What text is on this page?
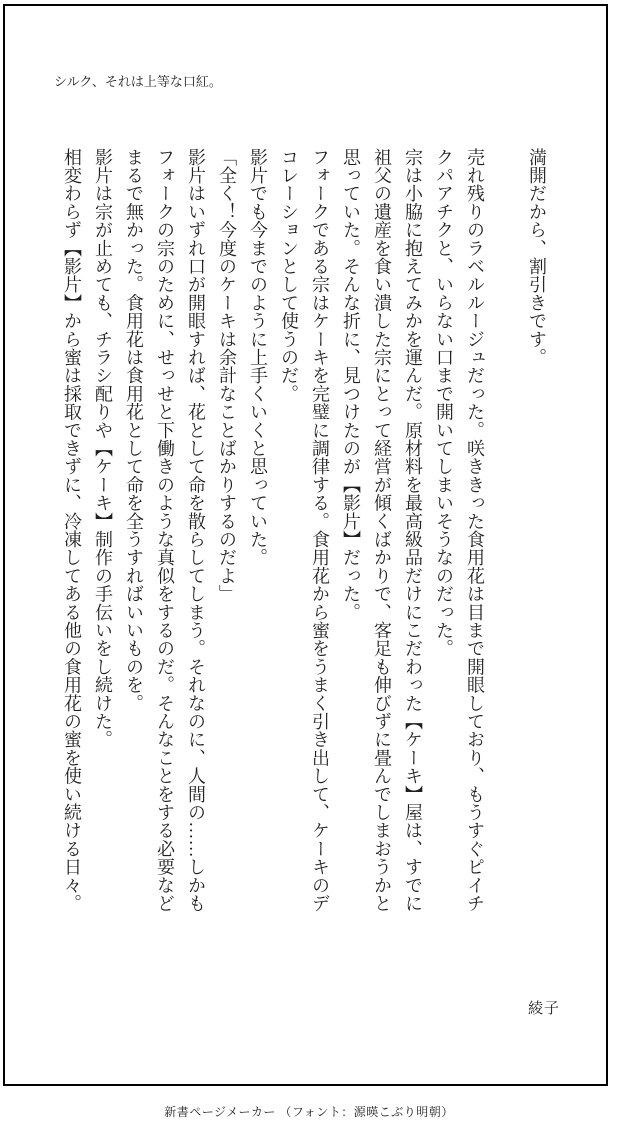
シルク、それは上等な口紅。
満開だから、割引きです。

売れ残りのラベルルージュだった。咲ききった食用花は目まで開眼しており、もうすぐピイチ
クパアチクと、いらない口まで開いてしまいそうなのだった。
宗は小脇に抱えてみかを運んだ。原材料を最高級品だけにこだわった【ケーキ】屋は、すでに
祖父の遺産を食い潰した宗にとって経営が傾くばかりで、客足も伸びずに畳んでしまおうかと
思っていた。そんな折に、見つけたのが【影片】だった。
フォークである宗はケーキを完璧に調律する。食用花から蜜をうまく引き出して、ケーキのデ
コレーションとして使うのだ。
影片でも今までのように上手くいくと思っていた。
「全く！今度のケーキは余計なことばかりするのだよ」
影片はいずれ口が開眼すれば、花として命を散らしてしまう。それなのに、人間の……しかも
フォークの宗のために、せっせと下働きのような真似をするのだ。そんなことをする必要など
まるで無かった。食用花は食用花として命を全うすればいいものを。
影片は宗が止めても、チラシ配りや【ケーキ】制作の手伝いをし続けた。
相変わらず【影片】から蜜は採取できずに、冷凍してある他の食用花の蜜を使い続ける日々。
綾子
新書ページメーカー （フォント：源暎こぶり明朝）
